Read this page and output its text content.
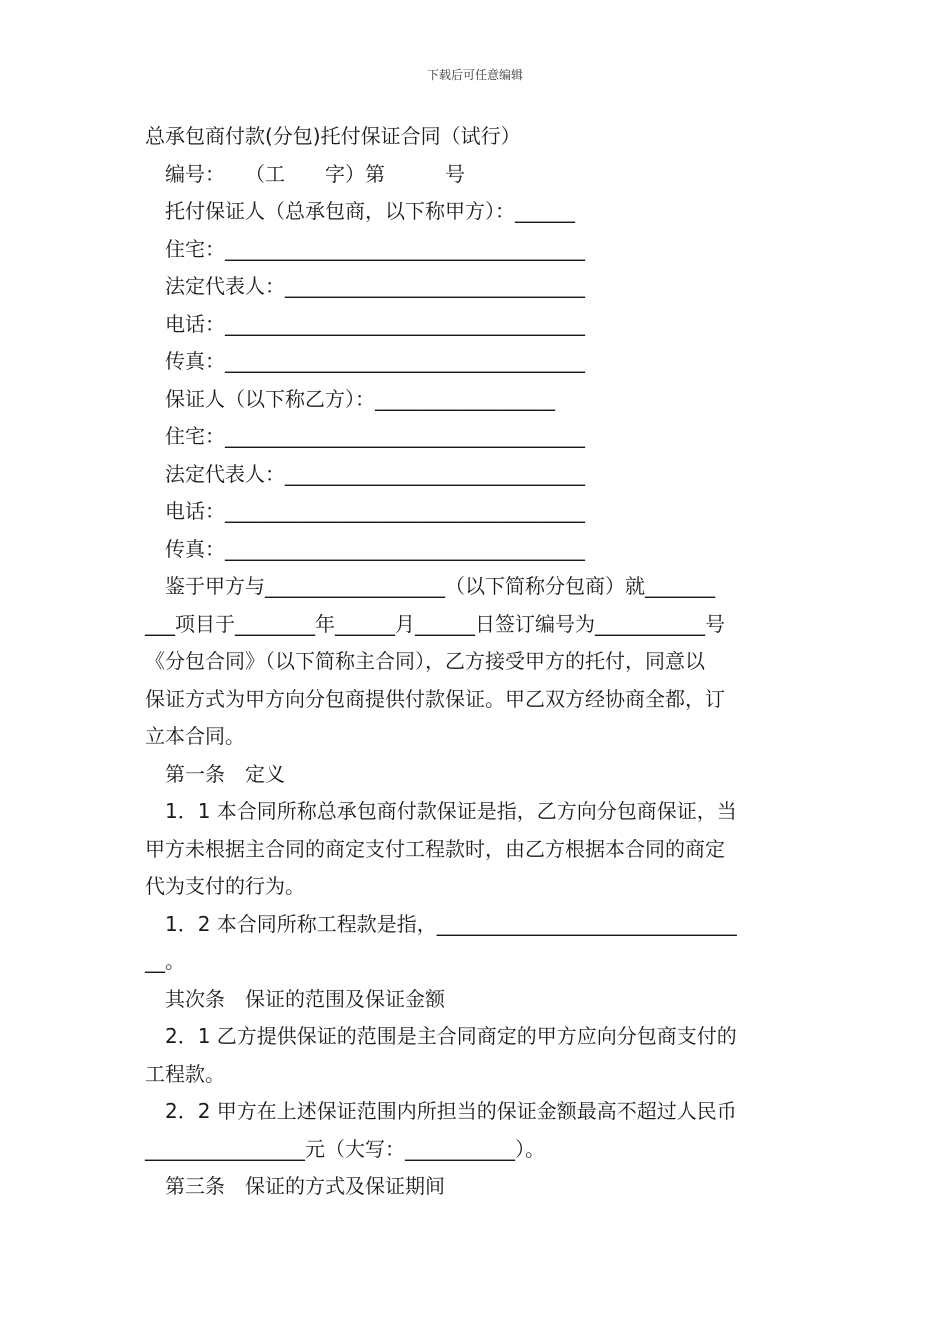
下载后可任意编辑
总承包商付款(分包)托付保证合同（试行）
编号：　　（工　　字）第　　　号
托付保证人（总承包商，以下称甲方）：______
住宅：____________________________________
法定代表人：______________________________
电话：____________________________________
传真：____________________________________
保证人（以下称乙方）：__________________
住宅：____________________________________
法定代表人：______________________________
电话：____________________________________
传真：____________________________________
鉴于甲方与__________________（以下简称分包商）就_______
___项目于________年______月______日签订编号为___________号
《分包合同》（以下简称主合同），乙方接受甲方的托付，同意以
保证方式为甲方向分包商提供付款保证。甲乙双方经协商全都，订
立本合同。
第一条　定义
1．1 本合同所称总承包商付款保证是指，乙方向分包商保证，当
甲方未根据主合同的商定支付工程款时，由乙方根据本合同的商定
代为支付的行为。
1．2 本合同所称工程款是指，______________________________
__。
其次条　保证的范围及保证金额
2．1 乙方提供保证的范围是主合同商定的甲方应向分包商支付的
工程款。
2．2 甲方在上述保证范围内所担当的保证金额最高不超过人民币
________________元（大写：___________）。
第三条　保证的方式及保证期间
